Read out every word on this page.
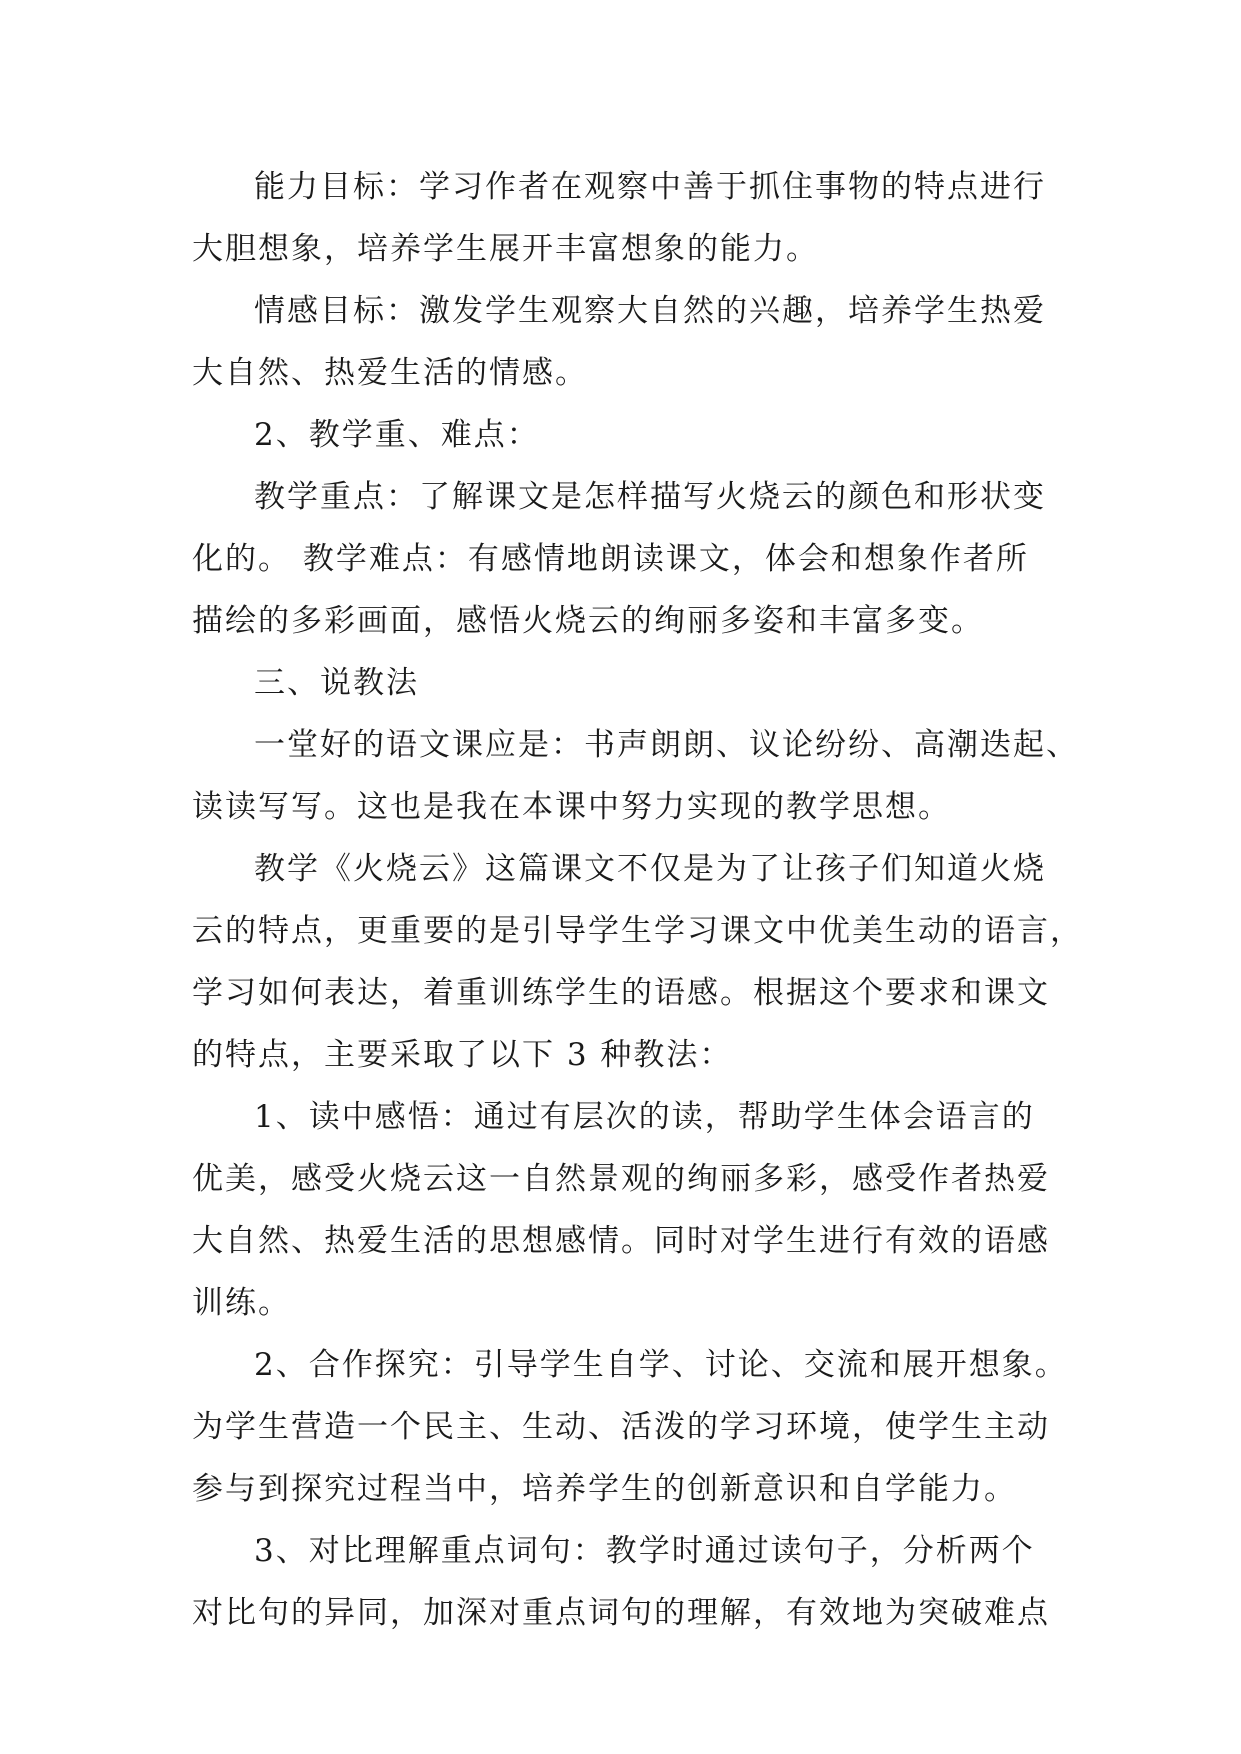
能力目标：学习作者在观察中善于抓住事物的特点进行
大胆想象，培养学生展开丰富想象的能力。
情感目标：激发学生观察大自然的兴趣，培养学生热爱
大自然、热爱生活的情感。
2、教学重、难点：
教学重点：了解课文是怎样描写火烧云的颜色和形状变
化的。 教学难点：有感情地朗读课文，体会和想象作者所
描绘的多彩画面，感悟火烧云的绚丽多姿和丰富多变。
三、说教法
一堂好的语文课应是：书声朗朗、议论纷纷、高潮迭起、
读读写写。这也是我在本课中努力实现的教学思想。
教学《火烧云》这篇课文不仅是为了让孩子们知道火烧
云的特点，更重要的是引导学生学习课文中优美生动的语言，
学习如何表达，着重训练学生的语感。根据这个要求和课文
的特点，主要采取了以下 3 种教法：
1、读中感悟：通过有层次的读，帮助学生体会语言的
优美，感受火烧云这一自然景观的绚丽多彩，感受作者热爱
大自然、热爱生活的思想感情。同时对学生进行有效的语感
训练。
2、合作探究：引导学生自学、讨论、交流和展开想象。
为学生营造一个民主、生动、活泼的学习环境，使学生主动
参与到探究过程当中，培养学生的创新意识和自学能力。
3、对比理解重点词句：教学时通过读句子，分析两个
对比句的异同，加深对重点词句的理解，有效地为突破难点
